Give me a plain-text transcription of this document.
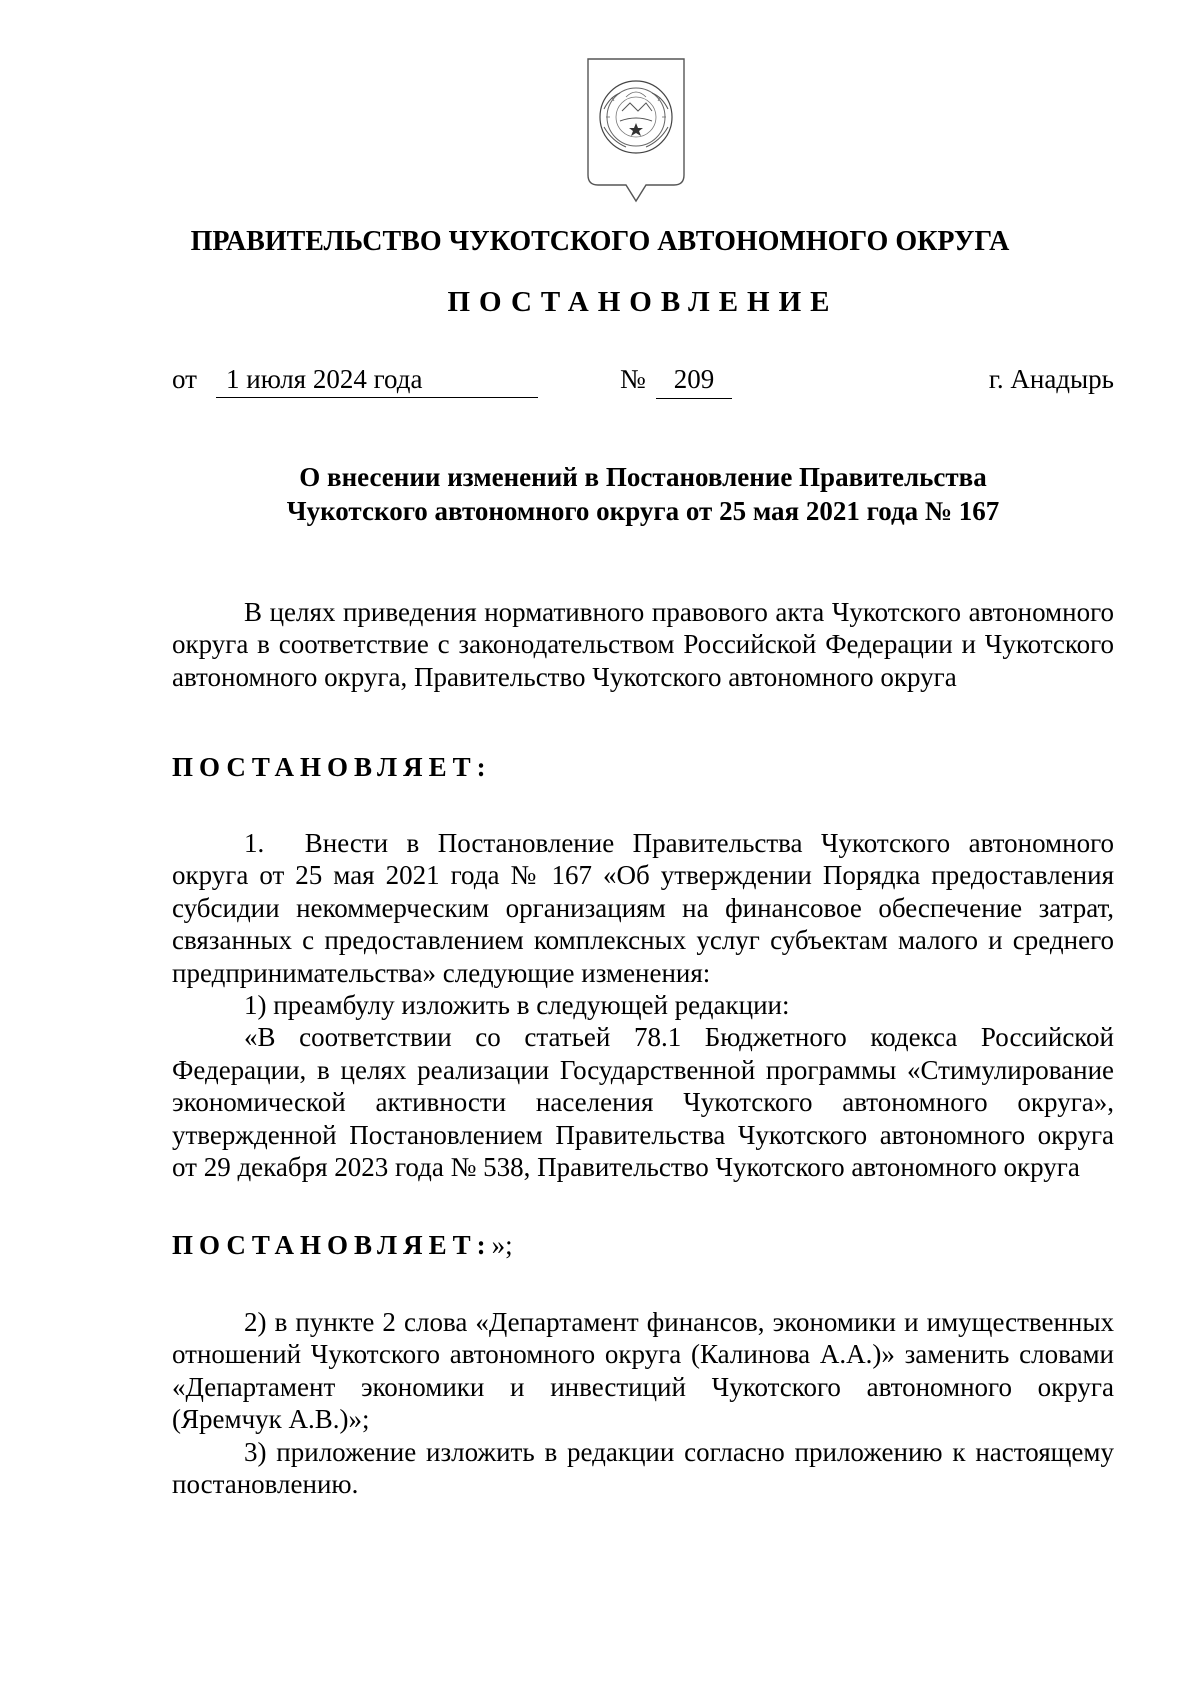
ПРАВИТЕЛЬСТВО ЧУКОТСКОГО АВТОНОМНОГО ОКРУГА
ПОСТАНОВЛЕНИЕ
от	1 июля 2024 года	№	209	г. Анадырь
О внесении изменений в Постановление Правительства
Чукотского автономного округа от 25 мая 2021 года № 167

В целях приведения нормативного правового акта Чукотского автономного округа в соответствие с законодательством Российской Федерации и Чукотского автономного округа, Правительство Чукотского автономного округа

ПОСТАНОВЛЯЕТ:

1.  Внести в Постановление Правительства Чукотского автономного округа от 25 мая 2021 года № 167 «Об утверждении Порядка предоставления субсидии некоммерческим организациям на финансовое обеспечение затрат, связанных с предоставлением комплексных услуг субъектам малого и среднего предпринимательства» следующие изменения:

1) преамбулу изложить в следующей редакции:

«В соответствии со статьей 78.1 Бюджетного кодекса Российской Федерации, в целях реализации Государственной программы «Стимулирование экономической активности населения Чукотского автономного округа», утвержденной Постановлением Правительства Чукотского автономного округа от 29 декабря 2023 года № 538, Правительство Чукотского автономного округа

ПОСТАНОВЛЯЕТ:»;

2) в пункте 2 слова «Департамент финансов, экономики и имущественных отношений Чукотского автономного округа (Калинова А.А.)» заменить словами «Департамент экономики и инвестиций Чукотского автономного округа (Яремчук А.В.)»;

3) приложение изложить в редакции согласно приложению к настоящему постановлению.
